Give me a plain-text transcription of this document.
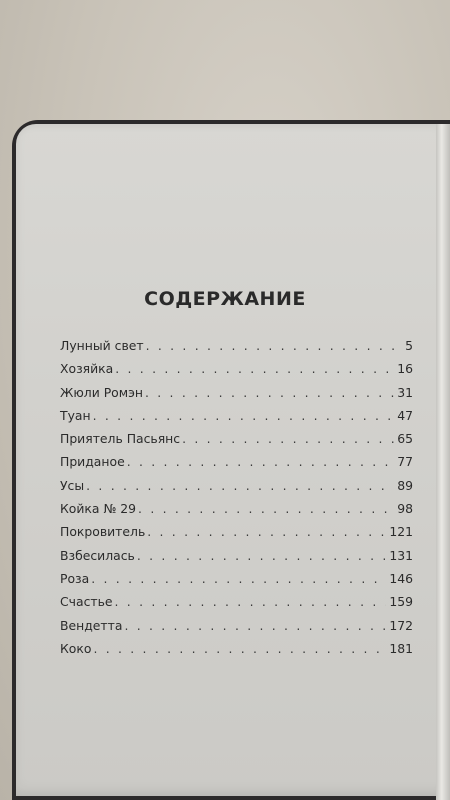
СОДЕРЖАНИЕ
Лунный свет . . .	5
Хозяйка . . .	16
Жюли Ромэн . . .	31
Туан . . .	47
Приятель Пасьянс . . .	65
Приданое . . .	77
Усы . . .	89
Койка № 29 . . .	98
Покровитель . . .	121
Взбесилась . . .	131
Роза . . .	146
Счастье . . .	159
Вендетта . . .	172
Коко . . .	181
